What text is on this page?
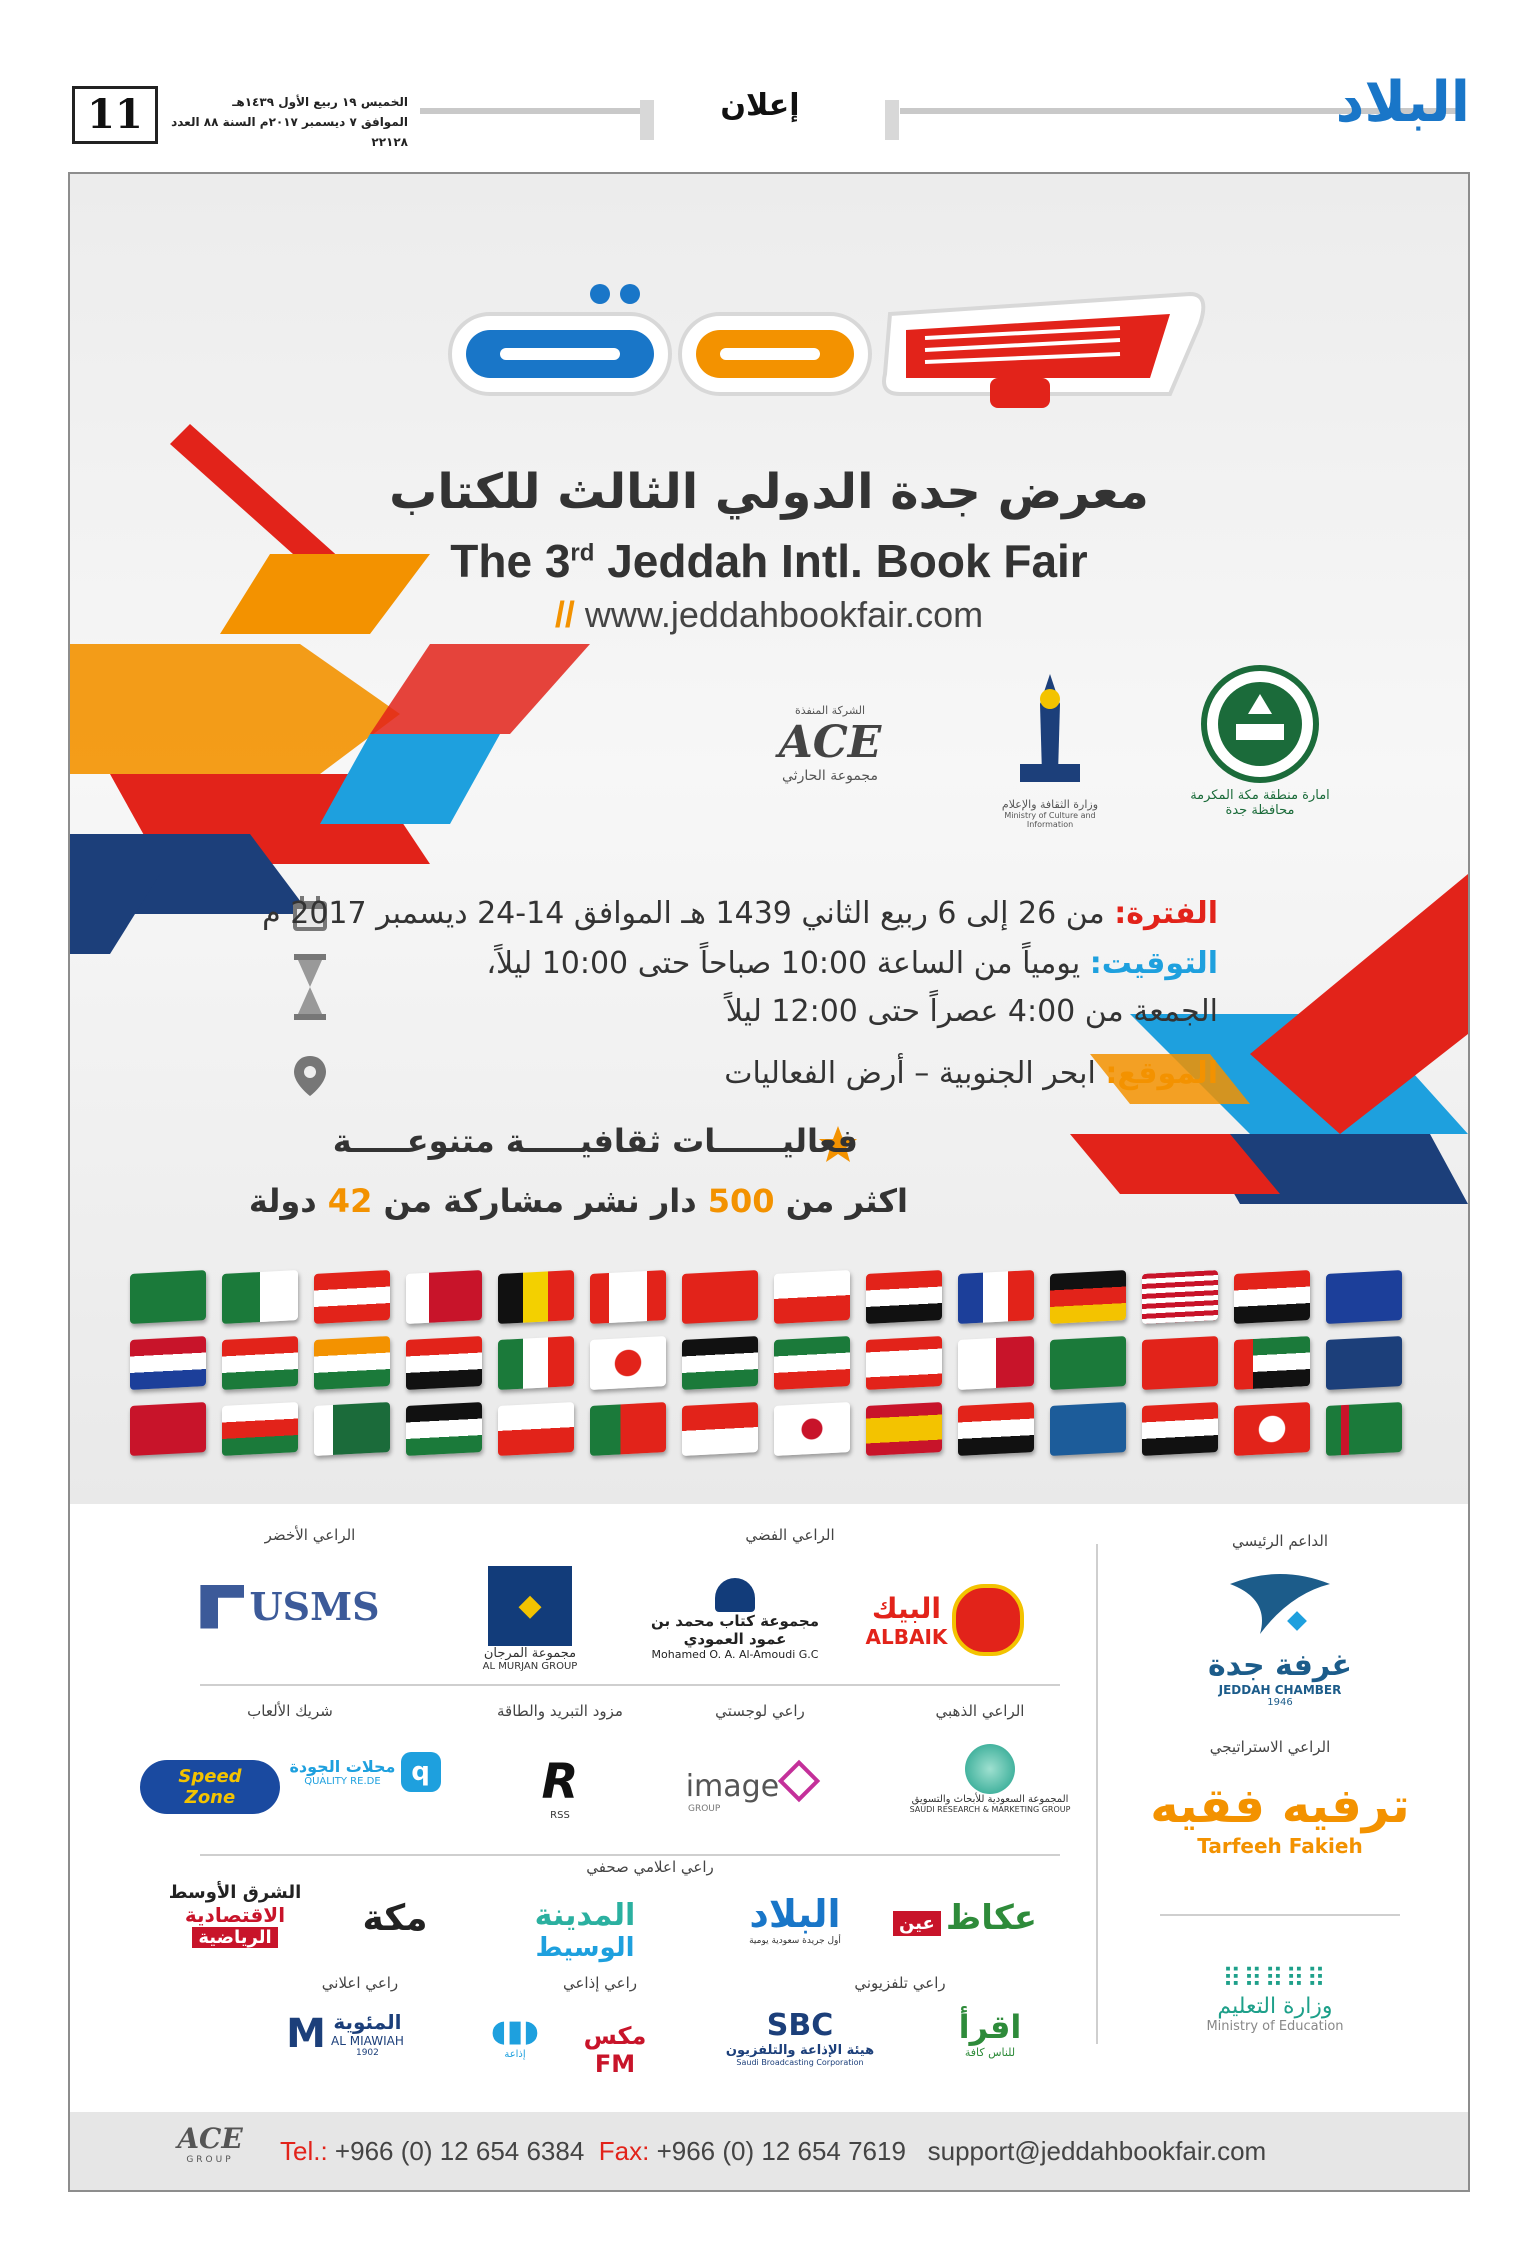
11	الخميس ١٩ ربيع الأول ١٤٣٩هـ
الموافق ٧ ديسمبر ٢٠١٧م السنة ٨٨ العدد ٢٢١٢٨
إعلان	البلاد
معرض جدة الدولي الثالث للكتاب
The 3rd Jeddah Intl. Book Fair
// www.jeddahbookfair.com
امارة منطقة مكة المكرمة
محافظة جدة
وزارة الثقافة والإعلام
Ministry of Culture and Information
الشركة المنفذة
ACE
مجموعة الحارثي
الفترة: من 26 إلى 6 ربيع الثاني 1439 هـ الموافق 14-24 ديسمبر 2017 م
التوقيت: يومياً من الساعة 10:00 صباحاً حتى 10:00 ليلاً،
الجمعة من 4:00 عصراً حتى 12:00 ليلاً
الموقع: ابحر الجنوبية – أرض الفعاليات
فعاليــــــات ثقافيـــــة متنوعـــــة
اكثر من 500 دار نشر مشاركة من 42 دولة
الراعي الأخضر	الراعي الفضي	الداعم الرئيسي
USMS	◆
مجموعة المرجان
AL MURJAN GROUP
مجموعة كتاب محمد بن عمود العمودي
Mohamed O. A. Al-Amoudi G.C
البيك
ALBAIK

غرفة جدة
JEDDAH CHAMBER
1946
شريك الألعاب	مزود التبريد والطاقة	راعي لوجستي	الراعي الذهبي
الراعي الاستراتيجي
Speed Zone
محلات الجودة
QUALITY RE.DE	q	R
RSS
image
GROUP
المجموعة السعودية للأبحاث والتسويق
SAUDI RESEARCH & MARKETING GROUP	ترفيه فقيه
Tarfeeh Fakieh
راعي اعلامي صحفي
الشرق الأوسط
الاقتصادية
الرياضية	مكة	المدينة الوسيط
البلاد
أول جريدة سعودية يومية
عكاظ عين
راعي اعلاني	راعي إذاعي	راعي تلفزيوني
M المئوية
AL MIAWIAH
1902
◖▮◗
إذاعة
مكس FM
SBC
هيئة الإذاعة والتلفزيون
Saudi Broadcasting Corporation
اقرأ
للناس كافة
⠿⠿⠿⠿⠿
وزارة التعليم
Ministry of Education
ACE
GROUP	Tel.: +966 (0) 12 654 6384 Fax: +966 (0) 12 654 7619 support@jeddahbookfair.com
